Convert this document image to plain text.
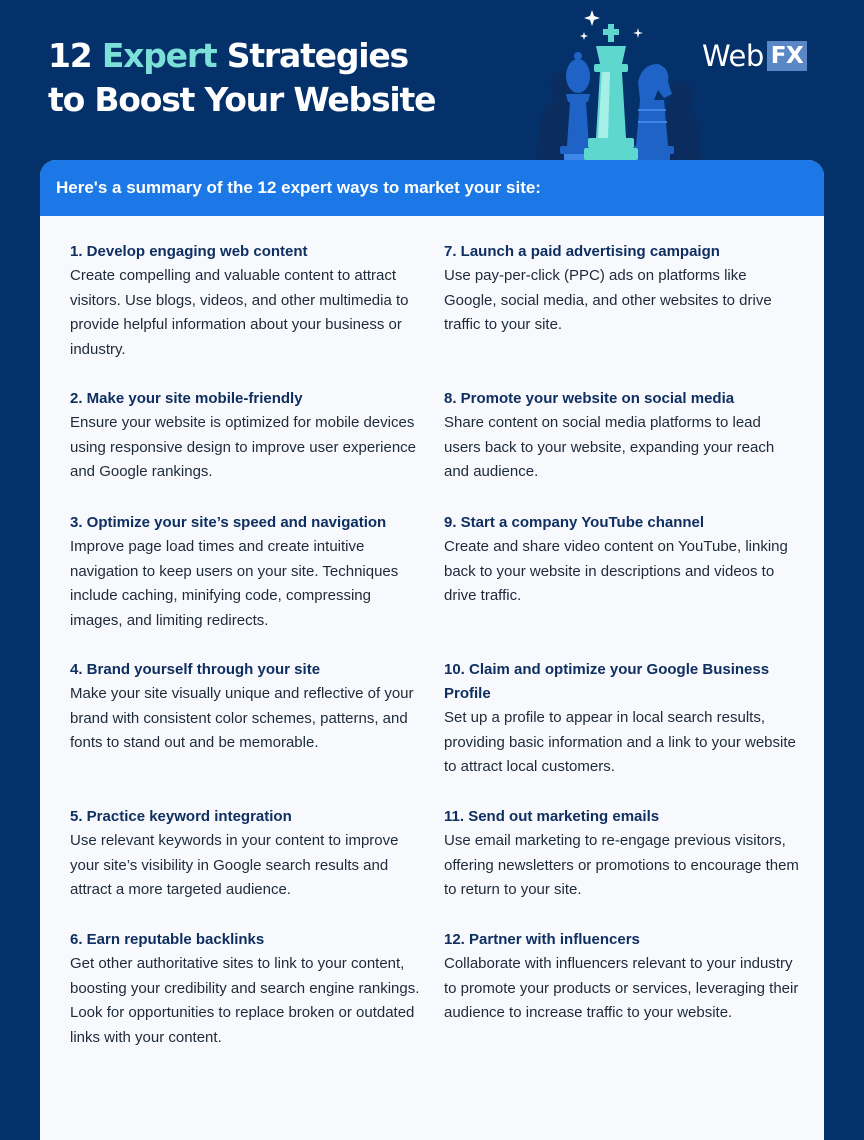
12 Expert Strategies
to Boost Your Website
Web FX
Here's a summary of the 12 expert ways to market your site:
1. Develop engaging web content

Create compelling and valuable content to attract visitors. Use blogs, videos, and other multimedia to provide helpful information about your business or industry.

2. Make your site mobile-friendly

Ensure your website is optimized for mobile devices using responsive design to improve user experience and Google rankings.

3. Optimize your site’s speed and navigation

Improve page load times and create intuitive navigation to keep users on your site. Techniques include caching, minifying code, compressing images, and limiting redirects.

4. Brand yourself through your site

Make your site visually unique and reflective of your brand with consistent color schemes, patterns, and fonts to stand out and be memorable.

5. Practice keyword integration

Use relevant keywords in your content to improve your site’s visibility in Google search results and attract a more targeted audience.

6. Earn reputable backlinks

Get other authoritative sites to link to your content, boosting your credibility and search engine rankings. Look for opportunities to replace broken or outdated links with your content.

7. Launch a paid advertising campaign

Use pay-per-click (PPC) ads on platforms like Google, social media, and other websites to drive traffic to your site.

8. Promote your website on social media

Share content on social media platforms to lead users back to your website, expanding your reach and audience.

9. Start a company YouTube channel

Create and share video content on YouTube, linking back to your website in descriptions and videos to drive traffic.

10. Claim and optimize your Google Business Profile

Set up a profile to appear in local search results, providing basic information and a link to your website to attract local customers.

11. Send out marketing emails

Use email marketing to re-engage previous visitors, offering newsletters or promotions to encourage them to return to your site.

12. Partner with influencers

Collaborate with influencers relevant to your industry to promote your products or services, leveraging their audience to increase traffic to your website.
